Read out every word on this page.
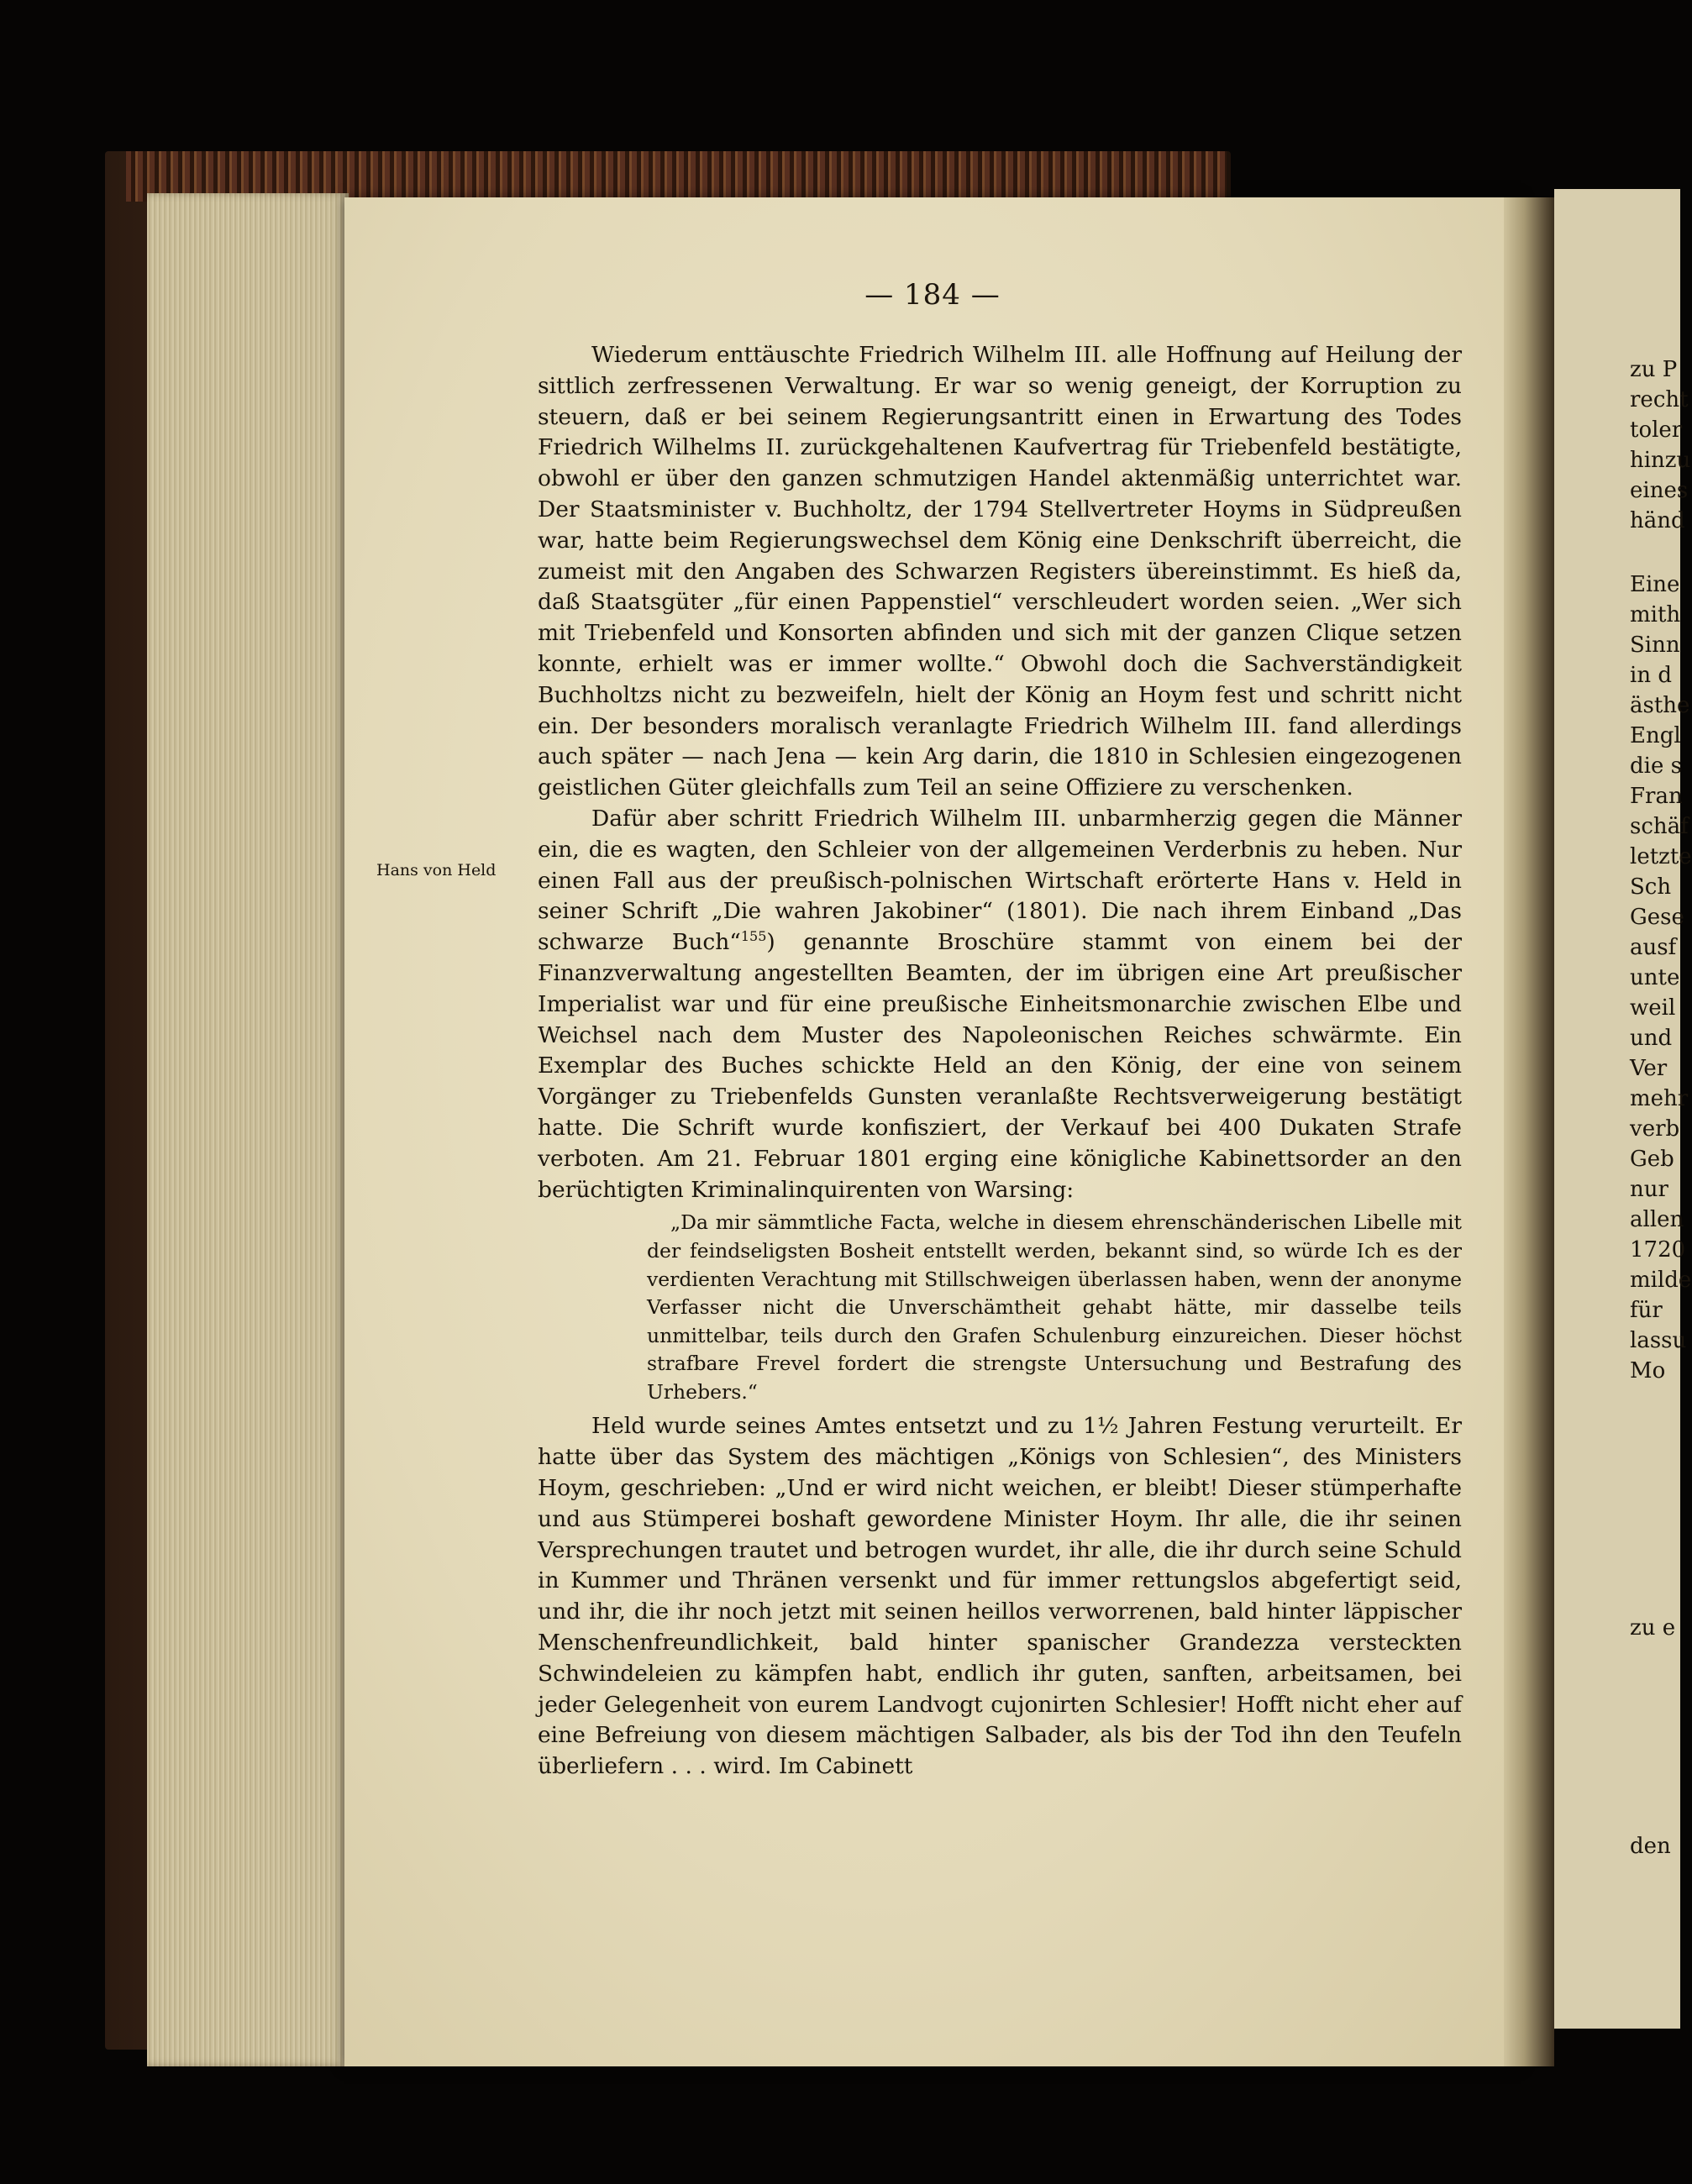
— 184 —
Hans von Held

Wiederum enttäuschte Friedrich Wilhelm III. alle Hoffnung auf Heilung der sittlich zerfressenen Verwaltung. Er war so wenig geneigt, der Korruption zu steuern, daß er bei seinem Regierungsantritt einen in Erwartung des Todes Friedrich Wilhelms II. zurückgehaltenen Kaufvertrag für Triebenfeld bestätigte, obwohl er über den ganzen schmutzigen Handel aktenmäßig unterrichtet war. Der Staatsminister v. Buchholtz, der 1794 Stellvertreter Hoyms in Südpreußen war, hatte beim Regierungswechsel dem König eine Denkschrift überreicht, die zumeist mit den Angaben des Schwarzen Registers übereinstimmt. Es hieß da, daß Staatsgüter „für einen Pappenstiel“ verschleudert worden seien. „Wer sich mit Triebenfeld und Konsorten abfinden und sich mit der ganzen Clique setzen konnte, erhielt was er immer wollte.“ Obwohl doch die Sachverständigkeit Buchholtzs nicht zu bezweifeln, hielt der König an Hoym fest und schritt nicht ein. Der besonders moralisch veranlagte Friedrich Wilhelm III. fand allerdings auch später — nach Jena — kein Arg darin, die 1810 in Schlesien eingezogenen geistlichen Güter gleichfalls zum Teil an seine Offiziere zu verschenken.

Dafür aber schritt Friedrich Wilhelm III. unbarmherzig gegen die Männer ein, die es wagten, den Schleier von der allgemeinen Verderbnis zu heben. Nur einen Fall aus der preußisch-polnischen Wirtschaft erörterte Hans v. Held in seiner Schrift „Die wahren Jakobiner“ (1801). Die nach ihrem Einband „Das schwarze Buch“$^{155}$) genannte Broschüre stammt von einem bei der Finanzverwaltung angestellten Beamten, der im übrigen eine Art preußischer Imperialist war und für eine preußische Einheitsmonarchie zwischen Elbe und Weichsel nach dem Muster des Napoleonischen Reiches schwärmte. Ein Exemplar des Buches schickte Held an den König, der eine von seinem Vorgänger zu Triebenfelds Gunsten veranlaßte Rechtsverweigerung bestätigt hatte. Die Schrift wurde konfisziert, der Verkauf bei 400 Dukaten Strafe verboten. Am 21. Februar 1801 erging eine königliche Kabinettsorder an den berüchtigten Kriminalinquirenten von Warsing:

„Da mir sämmtliche Facta, welche in diesem ehrenschänderischen Libelle mit der feindseligsten Bosheit entstellt werden, bekannt sind, so würde Ich es der verdienten Verachtung mit Stillschweigen überlassen haben, wenn der anonyme Verfasser nicht die Unverschämtheit gehabt hätte, mir dasselbe teils unmittelbar, teils durch den Grafen Schulenburg einzureichen. Dieser höchst strafbare Frevel fordert die strengste Untersuchung und Bestrafung des Urhebers.“

Held wurde seines Amtes entsetzt und zu 1½ Jahren Festung verurteilt. Er hatte über das System des mächtigen „Königs von Schlesien“, des Ministers Hoym, geschrieben: „Und er wird nicht weichen, er bleibt! Dieser stümperhafte und aus Stümperei boshaft gewordene Minister Hoym. Ihr alle, die ihr seinen Versprechungen trautet und betrogen wurdet, ihr alle, die ihr durch seine Schuld in Kummer und Thränen versenkt und für immer rettungslos abgefertigt seid, und ihr, die ihr noch jetzt mit seinen heillos verworrenen, bald hinter läppischer Menschenfreundlichkeit, bald hinter spanischer Grandezza versteckten Schwindeleien zu kämpfen habt, endlich ihr guten, sanften, arbeitsamen, bei jeder Gelegenheit von eurem Landvogt cujonirten Schlesier! Hofft nicht eher auf eine Befreiung von diesem mächtigen Salbader, als bis der Tod ihn den Teufeln überliefern . . . wird. Im Cabinett

zu P
recht
toler
hinzu
eines
händ
Eine
mith
Sinn
in d
ästhe
Engl
die s
Fran
schäf
letzte
Sch
Gese
ausf
unte
weil
und
Ver
mehr
verb
Geb
nur
allen
1720
milde
für
lassu
Mo
zu e
den
